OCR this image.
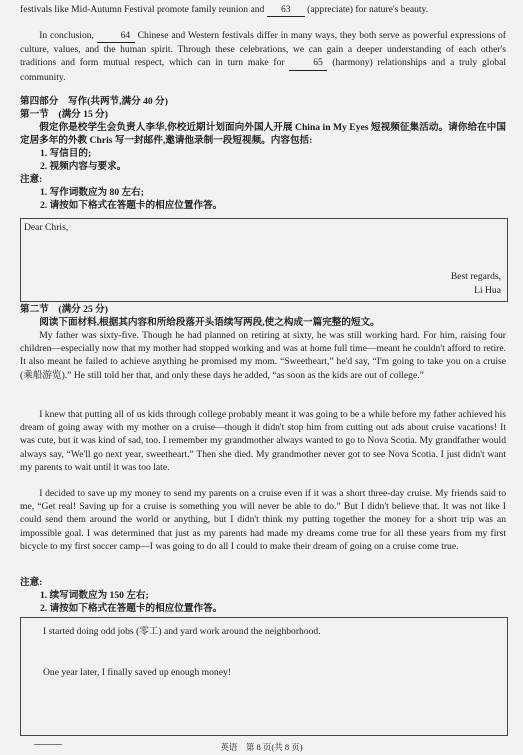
festivals like Mid-Autumn Festival promote family reunion and 63 (appreciate) for nature's beauty.

In conclusion,	64 Chinese and Western festivals differ in many ways, they both serve as powerful expressions of culture, values, and the human spirit. Through these celebrations, we can gain a deeper understanding of each other's traditions and form mutual respect, which can in turn make for	65 (harmony) relationships and a truly global community.

第四部分　写作(共两节,满分 40 分)

第一节　(满分 15 分)

假定你是校学生会负责人李华,你校近期计划面向外国人开展 China in My Eyes 短视频征集活动。请你给在中国定居多年的外教 Chris 写一封邮件,邀请他录制一段短视频。内容包括:

1. 写信目的;

2. 视频内容与要求。

注意:

1. 写作词数应为 80 左右;

2. 请按如下格式在答题卡的相应位置作答。

Dear Chris,
Best regards,
Li Hua

第二节　(满分 25 分)

阅读下面材料,根据其内容和所给段落开头语续写两段,使之构成一篇完整的短文。

My father was sixty-five. Though he had planned on retiring at sixty, he was still working hard. For him, raising four children—especially now that my mother had stopped working and was at home full time—meant he couldn't afford to retire. It also meant he failed to achieve anything he promised my mom. “Sweetheart,” he'd say, “I'm going to take you on a cruise (乘船游览).” He still told her that, and only these days he added, “as soon as the kids are out of college.”

I knew that putting all of us kids through college probably meant it was going to be a while before my father achieved his dream of going away with my mother on a cruise—though it didn't stop him from cutting out ads about cruise vacations! It was cute, but it was kind of sad, too. I remember my grandmother always wanted to go to Nova Scotia. My grandfather would always say, “We'll go next year, sweetheart.” Then she died. My grandmother never got to see Nova Scotia. I just didn't want my parents to wait until it was too late.

I decided to save up my money to send my parents on a cruise even if it was a short three-day cruise. My friends said to me, “Get real! Saving up for a cruise is something you will never be able to do.” But I didn't believe that. It was not like I could send them around the world or anything, but I didn't think my putting together the money for a short trip was an impossible goal. I was determined that just as my parents had made my dreams come true for all these years from my first bicycle to my first soccer camp—I was going to do all I could to make their dream of going on a cruise come true.

注意:

1. 续写词数应为 150 左右;

2. 请按如下格式在答题卡的相应位置作答。

I started doing odd jobs (零工) and yard work around the neighborhood.
One year later, I finally saved up enough money!
英语　第 8 页(共 8 页)
